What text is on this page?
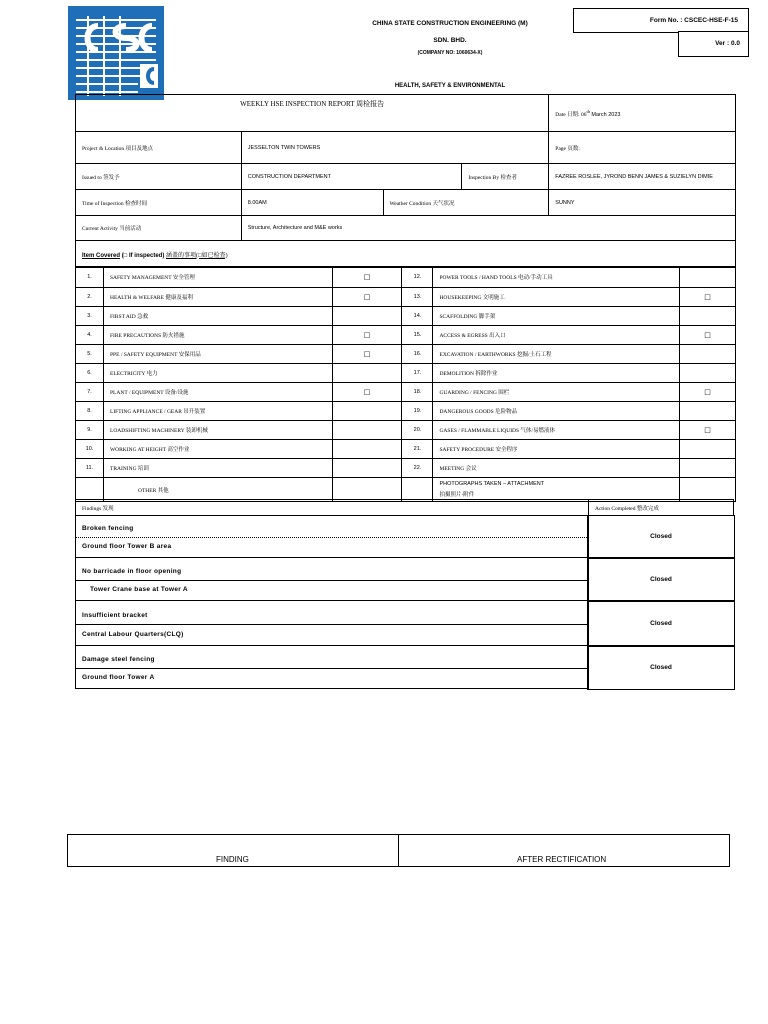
CHINA STATE CONSTRUCTION ENGINEERING (M)
SDN. BHD.
(COMPANY NO: 1060634-X)
HEALTH, SAFETY & ENVIRONMENTAL
Form No. : CSCEC-HSE-F-15
Ver : 0.0
WEEKLY HSE INSPECTION REPORT 周检报告				Date 日期: 06th March 2023
Project & Location 项目及地点	JESSELTON TWIN TOWERS			Page 页数:
Issued to 签发予	CONSTRUCTION DEPARTMENT		Inspection By 检查者	FAZREE ROSLEE, JYROND BENN JAMES & SUZIELYN DIMIE
Time of Inspection 检查时间	8.00AM	Weather Condition 天气状况		SUNNY
Current Activity 当前活动	Structure, Architecture and M&E works			
Item Covered (□ If inspected) 涵盖的事项(□如已检查)				
1.	SAFETY MANAGEMENT 安全管理	□	12.	POWER TOOLS / HAND TOOLS 电动/手动工具	
2.	HEALTH & WELFARE 健康及福利	□	13.	HOUSEKEEPING 文明施工	□
3.	FIRST AID 急救		14.	SCAFFOLDING 脚手架	
4.	FIRE PRECAUTIONS 防火措施	□	15.	ACCESS & EGRESS 出入口	□
5.	PPE / SAFETY EQUIPMENT 安保用品	□	16.	EXCAVATION / EARTHWORKS 挖掘/土石工程	
6.	ELECTRICITY 电力		17.	DEMOLITION 拆除作业	
7.	PLANT / EQUIPMENT 设备/设施	□	18.	GUARDING / FENCING 围栏	□
8.	LIFTING APPLIANCE / GEAR 吊升装置		19.	DANGEROUS GOODS 危险物品	
9.	LOADSHIFTING MACHINERY 装卸机械		20.	GASES / FLAMMABLE LIQUIDS 气体/易燃液体	□
10.	WORKING AT HEIGHT 高空作业		21.	SAFETY PROCEDURE 安全程序	
11.	TRAINING 培训		22.	MEETING 会议	
	OTHER 其他			PHOTOGRAPHS TAKEN – ATTACHMENT
拍摄照片-附件	
Findings 发现	Action Completed 整改完成
Broken fencing
Ground floor Tower B area
Closed
No barricade in floor opening
Tower Crane base at Tower A
Closed
Insufficient bracket
Central Labour Quarters(CLQ)
Closed
Damage steel fencing
Ground floor Tower A
Closed
FINDING	AFTER RECTIFICATION
